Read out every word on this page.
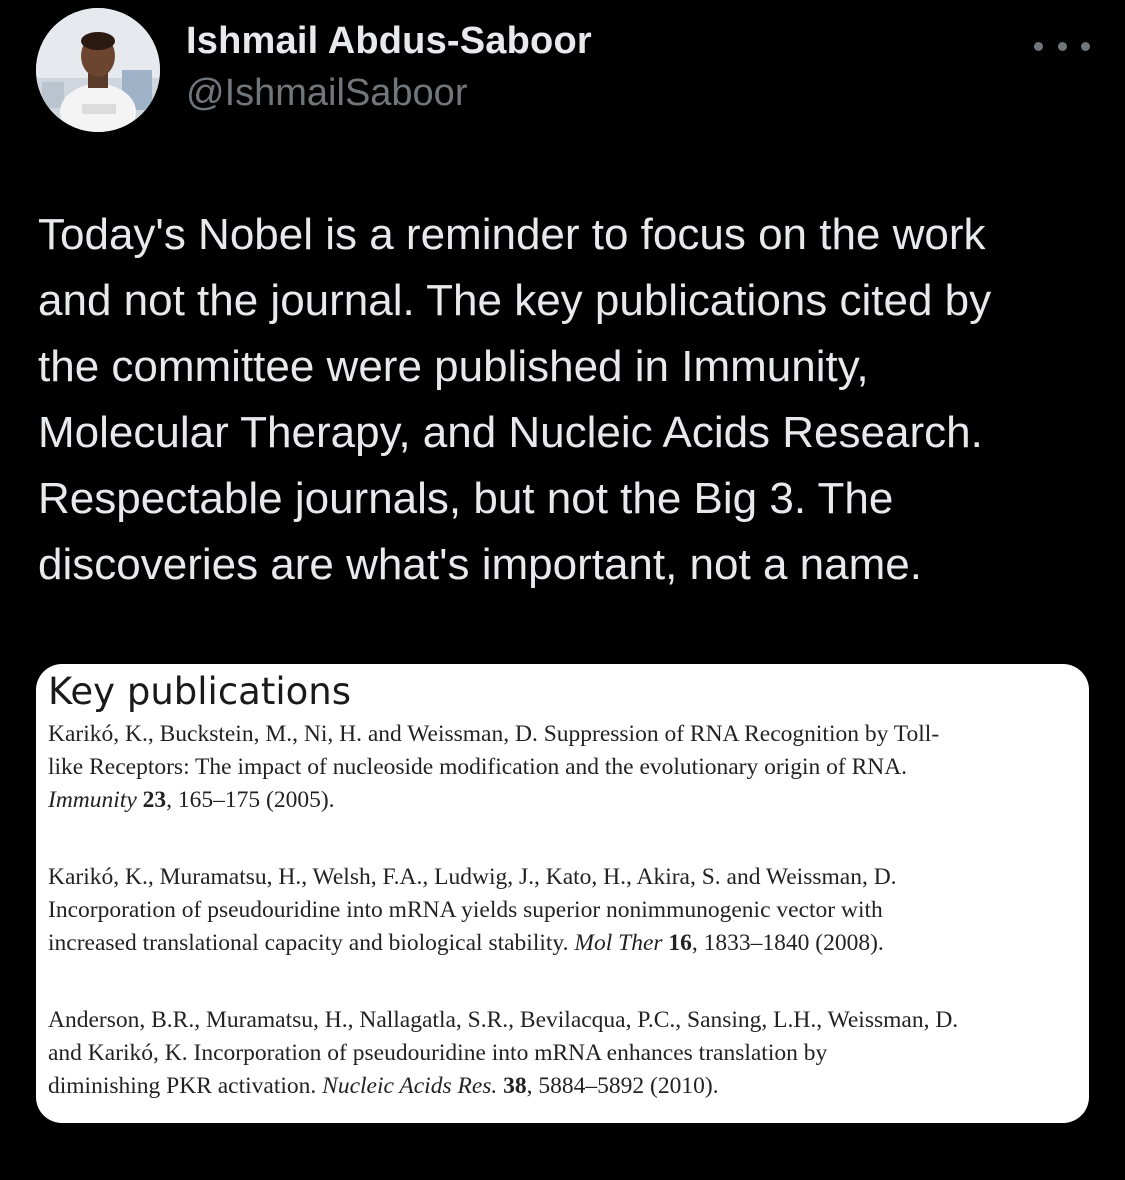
Ishmail Abdus-Saboor
@IshmailSaboor
Today's Nobel is a reminder to focus on the work
and not the journal. The key publications cited by
the committee were published in Immunity,
Molecular Therapy, and Nucleic Acids Research.
Respectable journals, but not the Big 3. The
discoveries are what's important, not a name.
Key publications
Karikó, K., Buckstein, M., Ni, H. and Weissman, D. Suppression of RNA Recognition by Toll-
like Receptors: The impact of nucleoside modification and the evolutionary origin of RNA.
Immunity 23, 165–175 (2005).
Karikó, K., Muramatsu, H., Welsh, F.A., Ludwig, J., Kato, H., Akira, S. and Weissman, D.
Incorporation of pseudouridine into mRNA yields superior nonimmunogenic vector with
increased translational capacity and biological stability. Mol Ther 16, 1833–1840 (2008).
Anderson, B.R., Muramatsu, H., Nallagatla, S.R., Bevilacqua, P.C., Sansing, L.H., Weissman, D.
and Karikó, K. Incorporation of pseudouridine into mRNA enhances translation by
diminishing PKR activation. Nucleic Acids Res. 38, 5884–5892 (2010).
